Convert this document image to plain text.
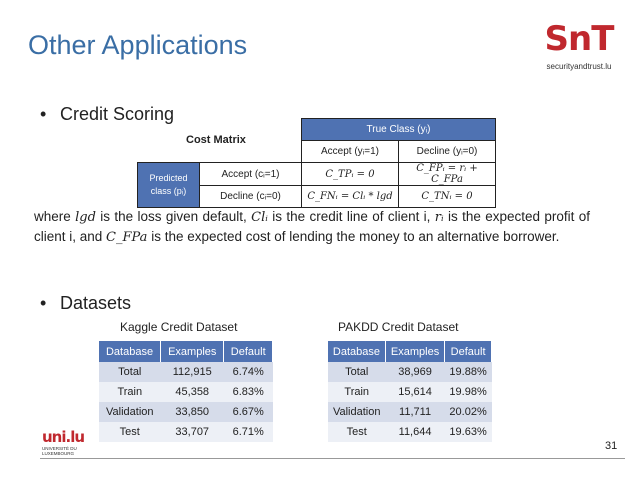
Other Applications	SnT
securityandtrust.lu
• Credit Scoring
Cost Matrix
		True Class (yᵢ)	
		Accept (yᵢ=1)	Decline (yᵢ=0)
Predicted class (pᵢ)	Accept (cᵢ=1)	C_TPᵢ = 0	C_FPᵢ = rᵢ + C_FPa
	Decline (cᵢ=0)	C_FNᵢ = Clᵢ * lgd	C_TNᵢ = 0
where lgd is the loss given default, Clᵢ is the credit line of client i, rᵢ is the expected profit of client i, and C_FPa is the expected cost of lending the money to an alternative borrower.
• Datasets
Kaggle Credit Dataset
Database	Examples	Default
Total	112,915	6.74%
Train	45,358	6.83%
Validation	33,850	6.67%
Test	33,707	6.71%
PAKDD Credit Dataset
Database	Examples	Default
Total	38,969	19.88%
Train	15,614	19.98%
Validation	11,711	20.02%
Test	11,644	19.63%
uni.lu
UNIVERSITÉ DU LUXEMBOURG
31
